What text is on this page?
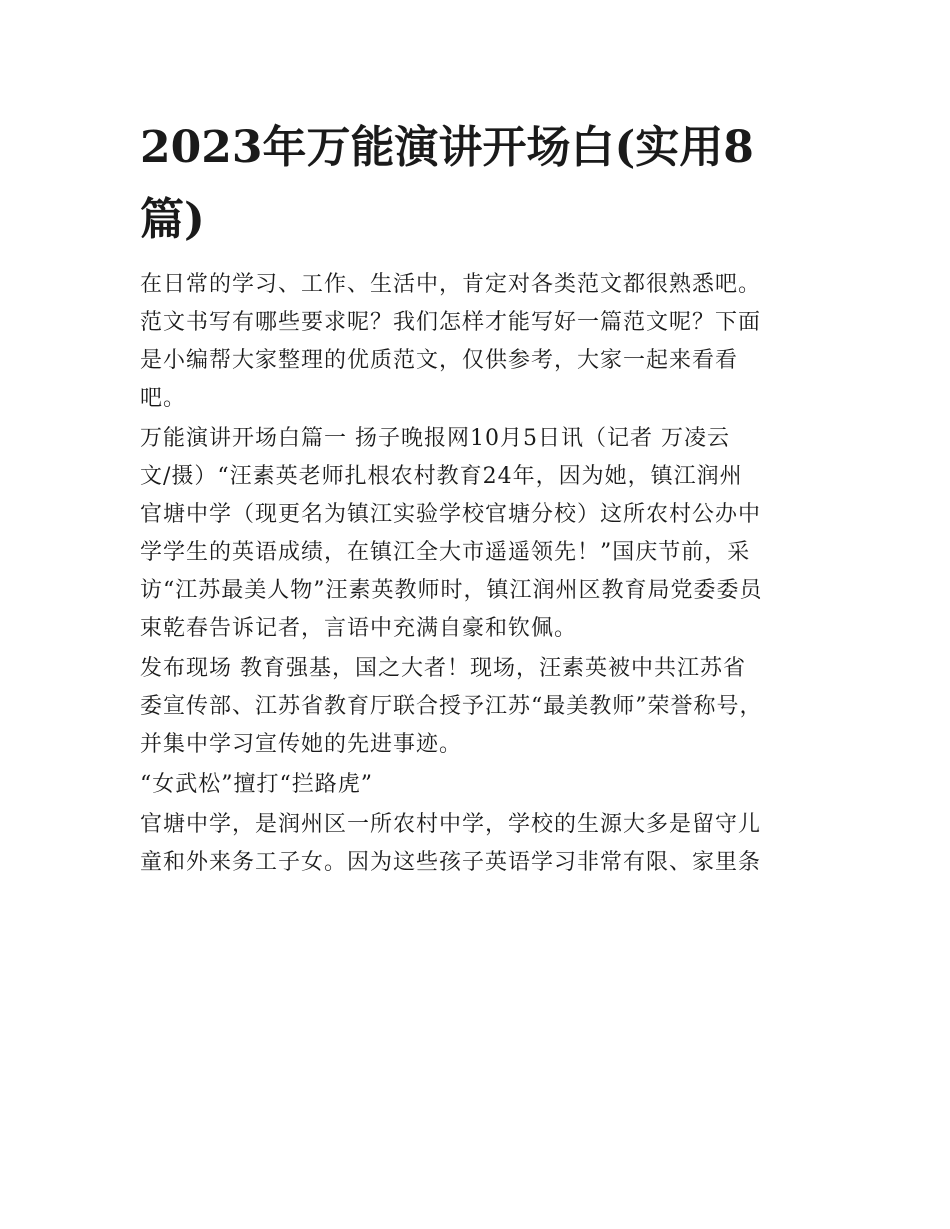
2023年万能演讲开场白(实用8
篇)

在日常的学习、工作、生活中，肯定对各类范文都很熟悉吧。
范文书写有哪些要求呢？我们怎样才能写好一篇范文呢？下面
是小编帮大家整理的优质范文，仅供参考，大家一起来看看
吧。

万能演讲开场白篇一 扬子晚报网10月5日讯（记者 万凌云
文/摄）“汪素英老师扎根农村教育24年，因为她，镇江润州
官塘中学（现更名为镇江实验学校官塘分校）这所农村公办中
学学生的英语成绩，在镇江全大市遥遥领先！”国庆节前，采
访“江苏最美人物”汪素英教师时，镇江润州区教育局党委委员
束乾春告诉记者，言语中充满自豪和钦佩。

发布现场 教育强基，国之大者！现场，汪素英被中共江苏省
委宣传部、江苏省教育厅联合授予江苏“最美教师”荣誉称号，
并集中学习宣传她的先进事迹。

“女武松”擅打“拦路虎”

官塘中学，是润州区一所农村中学，学校的生源大多是留守儿
童和外来务工子女。因为这些孩子英语学习非常有限、家里条
